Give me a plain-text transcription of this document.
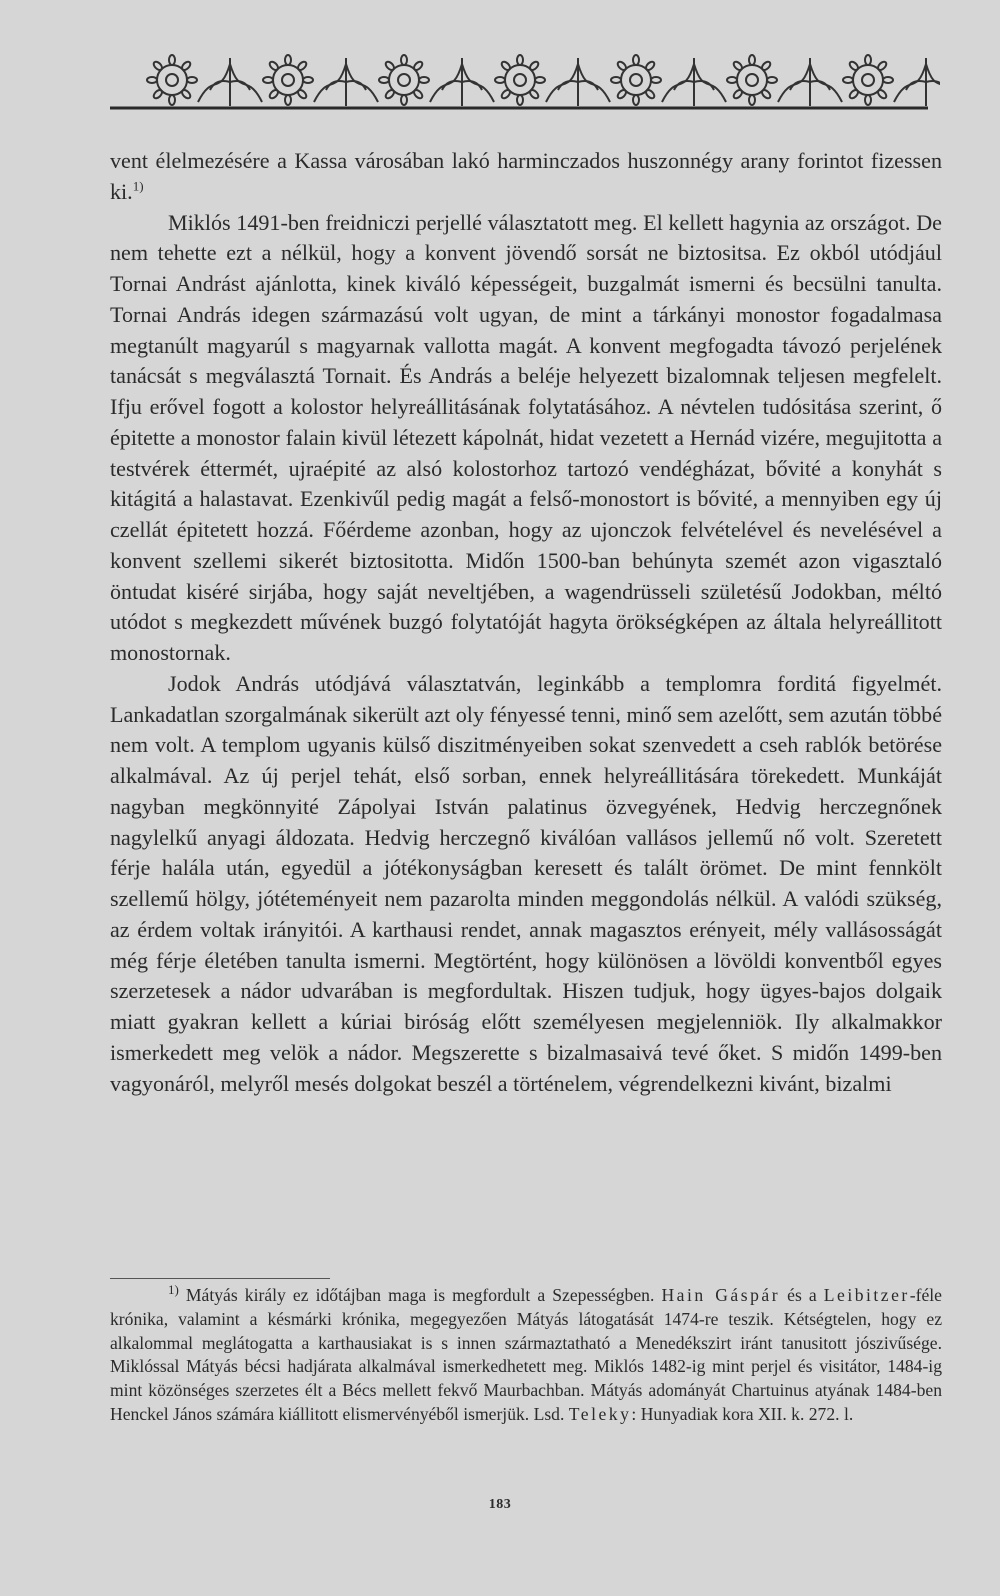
vent élelmezésére a Kassa városában lakó harminczados huszonnégy arany forintot fizessen ki.$^{1)}$

Miklós 1491-ben freidniczi perjellé választatott meg. El kellett hagynia az országot. De nem tehette ezt a nélkül, hogy a konvent jövendő sorsát ne biztositsa. Ez okból utódjául Tornai Andrást ajánlotta, kinek kiváló képességeit, buzgalmát ismerni és becsülni tanulta. Tornai András idegen származású volt ugyan, de mint a tárkányi monostor fogadalmasa megtanúlt magyarúl s magyarnak vallotta magát. A konvent megfogadta távozó perjelének tanácsát s megválasztá Tornait. És András a beléje helyezett bizalomnak teljesen megfelelt. Ifju erővel fogott a kolostor helyreállitásának folytatásához. A névtelen tudósitása szerint, ő épitette a monostor falain kivül létezett kápolnát, hidat vezetett a Hernád vizére, megujitotta a testvérek éttermét, ujraépité az alsó kolostorhoz tartozó vendégházat, bővité a konyhát s kitágitá a halastavat. Ezenkivűl pedig magát a felső-monostort is bővité, a mennyiben egy új czellát épitetett hozzá. Főérdeme azonban, hogy az ujonczok felvételével és nevelésével a konvent szellemi sikerét biztositotta. Midőn 1500-ban behúnyta szemét azon vigasztaló öntudat kiséré sirjába, hogy saját neveltjében, a wagendrüsseli születésű Jodokban, méltó utódot s megkezdett művének buzgó folytatóját hagyta örökségképen az általa helyreállitott monostornak.

Jodok András utódjává választatván, leginkább a templomra forditá figyelmét. Lankadatlan szorgalmának sikerült azt oly fényessé tenni, minő sem azelőtt, sem azután többé nem volt. A templom ugyanis külső diszitményeiben sokat szenvedett a cseh rablók betörése alkalmával. Az új perjel tehát, első sorban, ennek helyreállitására törekedett. Munkáját nagyban megkönnyité Zápolyai István palatinus özvegyének, Hedvig herczegnőnek nagylelkű anyagi áldozata. Hedvig herczegnő kiválóan vallásos jellemű nő volt. Szeretett férje halála után, egyedül a jótékonyságban keresett és talált örömet. De mint fennkölt szellemű hölgy, jótéteményeit nem pazarolta minden meggondolás nélkül. A valódi szükség, az érdem voltak irányitói. A karthausi rendet, annak magasztos erényeit, mély vallásosságát még férje életében tanulta ismerni. Megtörtént, hogy különösen a lövöldi konventből egyes szerzetesek a nádor udvarában is megfordultak. Hiszen tudjuk, hogy ügyes-bajos dolgaik miatt gyakran kellett a kúriai biróság előtt személyesen megjelenniök. Ily alkalmakkor ismerkedett meg velök a nádor. Megszerette s bizalmasaivá tevé őket. S midőn 1499-ben vagyonáról, melyről mesés dolgokat beszél a történelem, végrendelkezni kivánt, bizalmi

$^{1)}$ Mátyás király ez időtájban maga is megfordult a Szepességben. Hain Gáspár és a Leibitzer-féle krónika, valamint a késmárki krónika, megegyezően Mátyás látogatását 1474-re teszik. Kétségtelen, hogy ez alkalommal meglátogatta a karthausiakat is s innen származtatható a Menedékszirt iránt tanusitott jószivűsége. Miklóssal Mátyás bécsi hadjárata alkalmával ismerkedhetett meg. Miklós 1482-ig mint perjel és visitátor, 1484-ig mint közönséges szerzetes élt a Bécs mellett fekvő Maurbachban. Mátyás adományát Chartuinus atyának 1484-ben Henckel János számára kiállitott elismervényéből ismerjük. Lsd. Teleky: Hunyadiak kora XII. k. 272. l.

183
